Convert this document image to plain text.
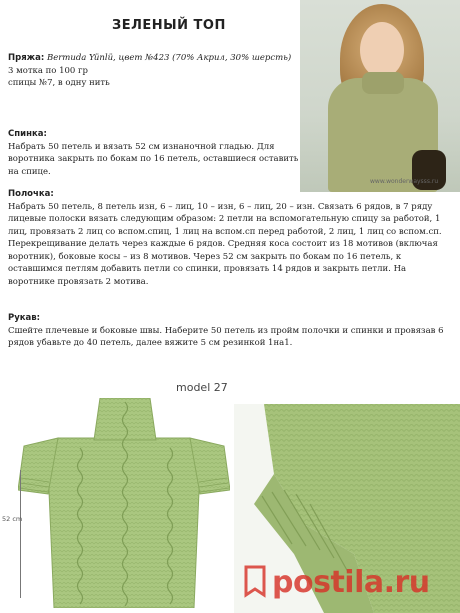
ЗЕЛЕНЫЙ ТОП
www.wonderwaysss.ru
Пряжа: Bermuda Yünlü, цвет №423 (70% Акрил, 30% шерсть)
3 мотка по 100 гр
спицы №7, в одну нить
Спинка:
Набрать 50 петель и вязать 52 см изнаночной гладью. Для воротника закрыть по бокам по 16 петель, оставшиеся оставить на спице.
Полочка:
Набрать 50 петель, 8 петель изн, 6 – лиц, 10 – изн, 6 – лиц, 20 – изн. Связать 6 рядов, в 7 ряду лицевые полоски вязать следующим образом: 2 петли на вспомогательную спицу за работой, 1 лиц, провязать 2 лиц со вспом.спиц, 1 лиц на вспом.сп перед работой, 2 лиц, 1 лиц со вспом.сп. Перекрещивание делать через каждые 6 рядов. Средняя коса состоит из 18 мотивов (включая воротник), боковые косы – из 8 мотивов. Через 52 см закрыть по бокам по 16 петель, к оставшимся петлям добавить петли со спинки, провязать 14 рядов и закрыть петли. На воротнике провязать 2 мотива.
Рукав:
Сшейте плечевые и боковые швы. Наберите 50 петель из пройм полочки и спинки и провязав 6 рядов убавьте до 40 петель, далее вяжите 5 см резинкой 1на1.
model 27
52 cm
postila.ru
